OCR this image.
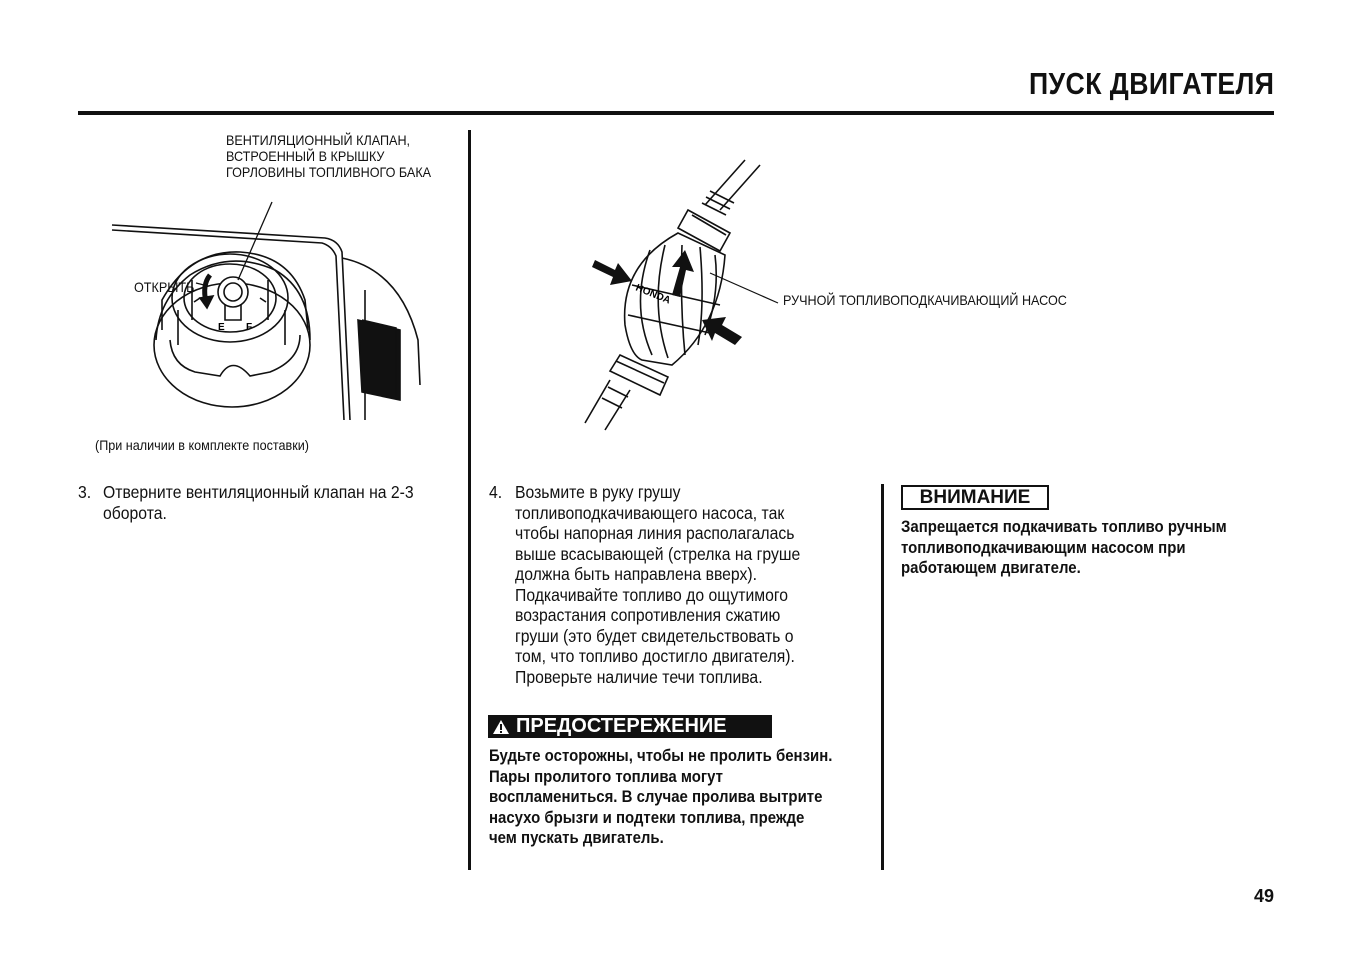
ПУСК ДВИГАТЕЛЯ
ВЕНТИЛЯЦИОННЫЙ КЛАПАН,
ВСТРОЕННЫЙ В КРЫШКУ
ГОРЛОВИНЫ ТОПЛИВНОГО БАКА
ОТКРЫТЬ
E F
(При наличии в комплекте поставки)
HONDA	РУЧНОЙ ТОПЛИВОПОДКАЧИВАЮЩИЙ НАСОС
3. Отверните вентиляционный клапан на 2-3
оборота.
4. Возьмите в руку грушу
топливоподкачивающего насоса, так
чтобы напорная линия располагалась
выше всасывающей (стрелка на груше
должна быть направлена вверх).
Подкачивайте топливо до ощутимого
возрастания сопротивления сжатию
груши (это будет свидетельствовать о
том, что топливо достигло двигателя).
Проверьте наличие течи топлива.
ПРЕДОСТЕРЕЖЕНИЕ
Будьте осторожны, чтобы не пролить бензин.
Пары пролитого топлива могут
воспламениться. В случае пролива вытрите
насухо брызги и подтеки топлива, прежде
чем пускать двигатель.
ВНИМАНИЕ
Запрещается подкачивать топливо ручным
топливоподкачивающим насосом при
работающем двигателе.
49
